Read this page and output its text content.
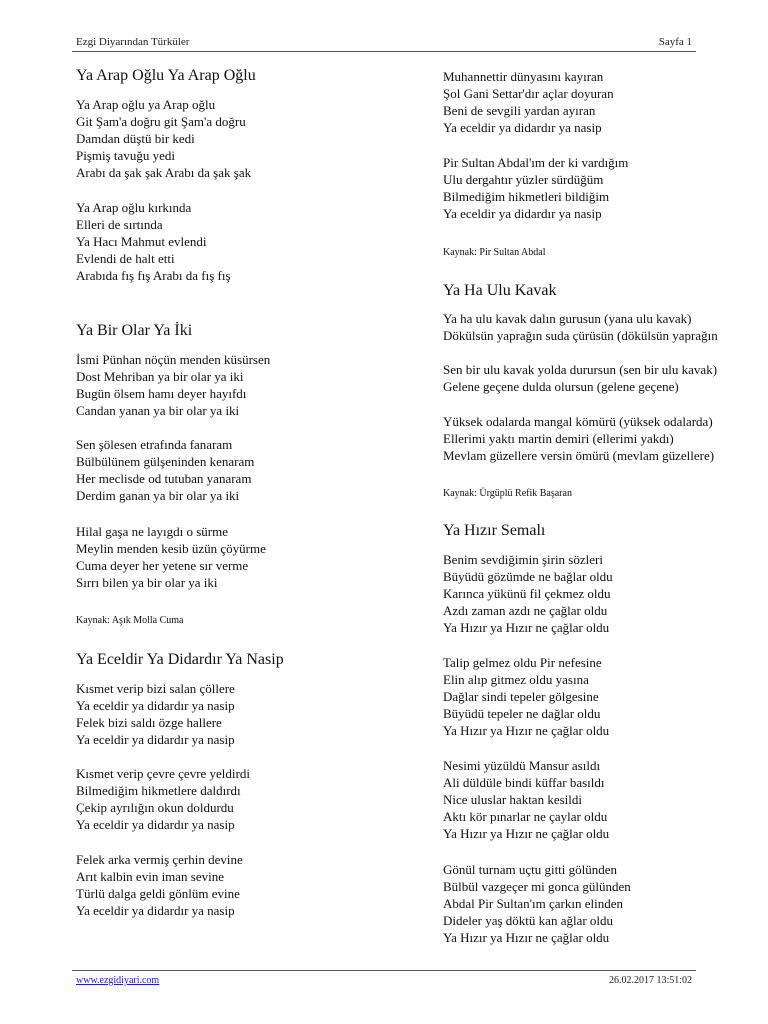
Ezgi Diyarından Türküler	Sayfa 1
Ya Arap Oğlu Ya Arap Oğlu
Ya Arap oğlu ya Arap oğlu
Git Şam'a doğru git Şam'a doğru
Damdan düştü bir kedi
Pişmiş tavuğu yedi
Arabı da şak şak Arabı da şak şak
Ya Arap oğlu kırkında
Elleri de sırtında
Ya Hacı Mahmut evlendi
Evlendi de halt etti
Arabıda fış fış Arabı da fış fış
Ya Bir Olar Ya İki
İsmi Pünhan nöçün menden küsürsen
Dost Mehriban ya bir olar ya iki
Bugün ölsem hamı deyer hayıfdı
Candan yanan ya bir olar ya iki
Sen şölesen etrafında fanaram
Bülbülünem gülşeninden kenaram
Her meclisde od tutuban yanaram
Derdim ganan ya bir olar ya iki
Hilal gaşa ne layıgdı o sürme
Meylin menden kesib üzün çöyürme
Cuma deyer her yetene sır verme
Sırrı bilen ya bir olar ya iki
Kaynak: Aşık Molla Cuma
Ya Eceldir Ya Didardır Ya Nasip
Kısmet verip bizi salan çöllere
Ya eceldir ya didardır ya nasip
Felek bizi saldı özge hallere
Ya eceldir ya didardır ya nasip
Kısmet verip çevre çevre yeldirdi
Bilmediğim hikmetlere daldırdı
Çekip ayrılığın okun doldurdu
Ya eceldir ya didardır ya nasip
Felek arka vermiş çerhin devine
Arıt kalbin evin iman sevine
Türlü dalga geldi gönlüm evine
Ya eceldir ya didardır ya nasip
Muhannettir dünyasını kayıran
Şol Gani Settar'dır açlar doyuran
Beni de sevgili yardan ayıran
Ya eceldir ya didardır ya nasip
Pir Sultan Abdal'ım der ki vardığım
Ulu dergahtır yüzler sürdüğüm
Bilmediğim hikmetleri bildiğim
Ya eceldir ya didardır ya nasip
Kaynak: Pir Sultan Abdal
Ya Ha Ulu Kavak
Ya ha ulu kavak dalın gurusun (yana ulu kavak)
Dökülsün yaprağın suda çürüsün (dökülsün yaprağın
Sen bir ulu kavak yolda durursun (sen bir ulu kavak)
Gelene geçene dulda olursun (gelene geçene)
Yüksek odalarda mangal kömürü (yüksek odalarda)
Ellerimi yaktı martin demiri (ellerimi yakdı)
Mevlam güzellere versin ömürü (mevlam güzellere)
Kaynak: Ürgüplü Refik Başaran
Ya Hızır Semalı
Benim sevdiğimin şirin sözleri
Büyüdü gözümde ne bağlar oldu
Karınca yükünü fil çekmez oldu
Azdı zaman azdı ne çağlar oldu
Ya Hızır ya Hızır ne çağlar oldu
Talip gelmez oldu Pir nefesine
Elin alıp gitmez oldu yasına
Dağlar sindi tepeler gölgesine
Büyüdü tepeler ne dağlar oldu
Ya Hızır ya Hızır ne çağlar oldu
Nesimi yüzüldü Mansur asıldı
Ali düldüle bindi küffar basıldı
Nice uluslar haktan kesildi
Aktı kör pınarlar ne çaylar oldu
Ya Hızır ya Hızır ne çağlar oldu
Gönül turnam uçtu gitti gölünden
Bülbül vazgeçer mi gonca gülünden
Abdal Pir Sultan'ım çarkın elinden
Dideler yaş döktü kan ağlar oldu
Ya Hızır ya Hızır ne çağlar oldu
www.ezgidiyari.com	26.02.2017 13:51:02
